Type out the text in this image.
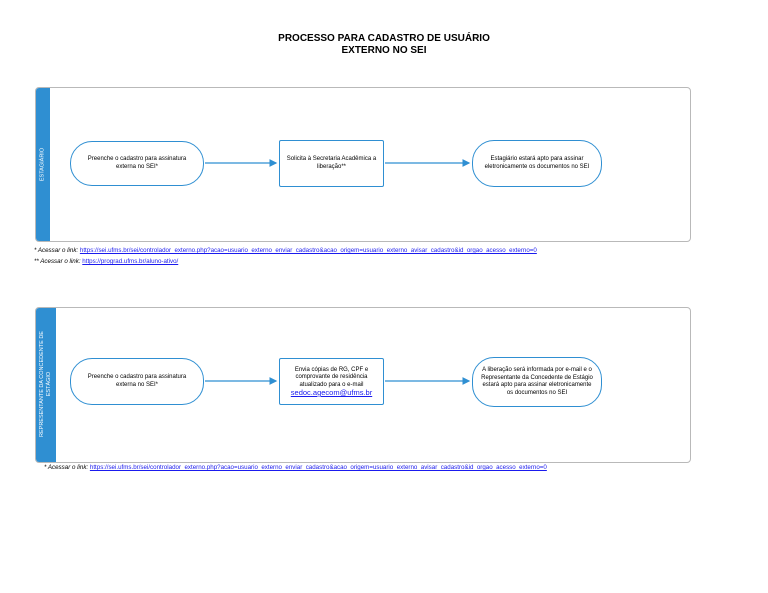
PROCESSO PARA CADASTRO DE USUÁRIO
EXTERNO NO SEI
ESTAGIÁRIO	Preenche o cadastro para assinatura externa no SEI*
Solicita à Secretaria Acadêmica a liberação**
Estagiário estará apto para assinar eletronicamente os documentos no SEI
* Acessar o link: https://sei.ufms.br/sei/controlador_externo.php?acao=usuario_externo_enviar_cadastro&acao_origem=usuario_externo_avisar_cadastro&id_orgao_acesso_externo=0
** Acessar o link: https://prograd.ufms.br/aluno-ativo/
REPRESENTANTE DA CONCEDENTE DE ESTÁGIO	Preenche o cadastro para assinatura externa no SEI*
Envia cópias de RG, CPF e comprovante de residência atualizado para o e-mail
sedoc.agecom@ufms.br
A liberação será informada por e-mail e o Representante da Concedente de Estágio estará apto para assinar eletronicamente os documentos no SEI
* Acessar o link: https://sei.ufms.br/sei/controlador_externo.php?acao=usuario_externo_enviar_cadastro&acao_origem=usuario_externo_avisar_cadastro&id_orgao_acesso_externo=0
